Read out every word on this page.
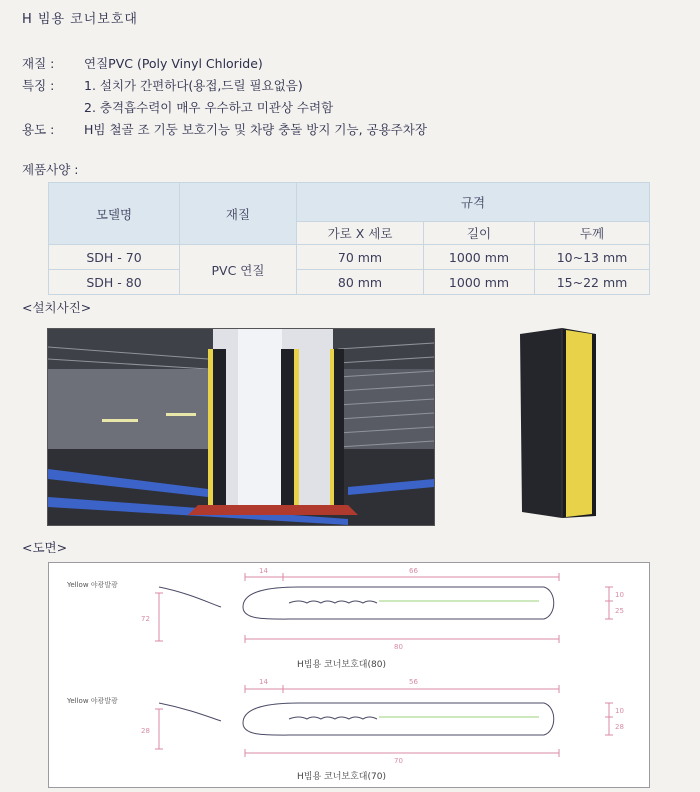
H 빔용 코너보호대
재질 : 연질PVC (Poly Vinyl Chloride)
특징 : 1. 설치가 간편하다(용접,드릴 필요없음)
2. 충격흡수력이 매우 우수하고 미관상 수려함
용도 : H빔 철골 조 기둥 보호기능 및 차량 충돌 방지 기능, 공용주차장
제품사양 :
모델명	재질	규격		
		가로 X 세로	길이	두께
SDH - 70	PVC 연질	70 mm	1000 mm	10~13 mm
SDH - 80		80 mm	1000 mm	15~22 mm
<설치사진>
<도면>
Yellow 야광발광
14	66
72
10
25
80
H빔용 코너보호대(80)
Yellow 야광발광
14	56
28
10
28
70
H빔용 코너보호대(70)
